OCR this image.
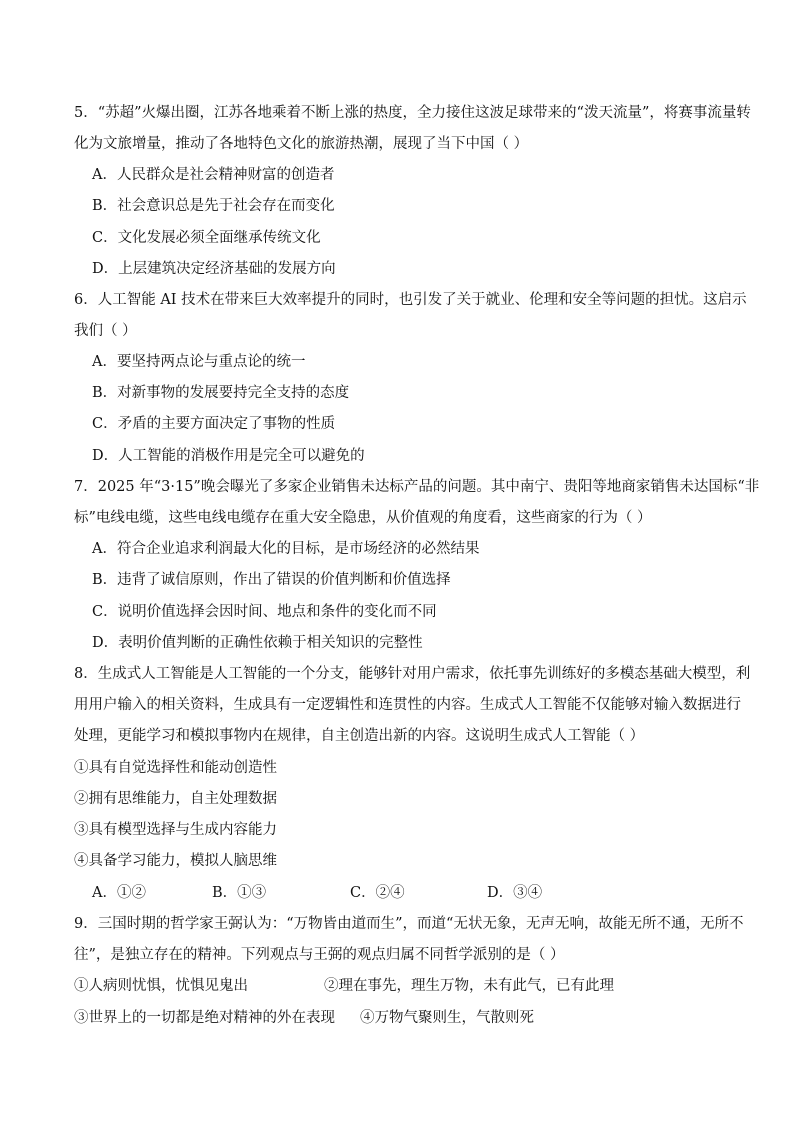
5．“苏超”火爆出圈，江苏各地乘着不断上涨的热度，全力接住这波足球带来的“泼天流量”，将赛事流量转
化为文旅增量，推动了各地特色文化的旅游热潮，展现了当下中国（ ）
A．人民群众是社会精神财富的创造者
B．社会意识总是先于社会存在而变化
C．文化发展必须全面继承传统文化
D．上层建筑决定经济基础的发展方向
6．人工智能 AI 技术在带来巨大效率提升的同时，也引发了关于就业、伦理和安全等问题的担忧。这启示
我们（ ）
A．要坚持两点论与重点论的统一
B．对新事物的发展要持完全支持的态度
C．矛盾的主要方面决定了事物的性质
D．人工智能的消极作用是完全可以避免的
7．2025 年“3·15”晚会曝光了多家企业销售未达标产品的问题。其中南宁、贵阳等地商家销售未达国标“非
标”电线电缆，这些电线电缆存在重大安全隐患，从价值观的角度看，这些商家的行为（ ）
A．符合企业追求利润最大化的目标，是市场经济的必然结果
B．违背了诚信原则，作出了错误的价值判断和价值选择
C．说明价值选择会因时间、地点和条件的变化而不同
D．表明价值判断的正确性依赖于相关知识的完整性
8．生成式人工智能是人工智能的一个分支，能够针对用户需求，依托事先训练好的多模态基础大模型，利
用用户输入的相关资料，生成具有一定逻辑性和连贯性的内容。生成式人工智能不仅能够对输入数据进行
处理，更能学习和模拟事物内在规律，自主创造出新的内容。这说明生成式人工智能（ ）
①具有自觉选择性和能动创造性
②拥有思维能力，自主处理数据
③具有模型选择与生成内容能力
④具备学习能力，模拟人脑思维
A．①②	B．①③	C．②④	D．③④
9．三国时期的哲学家王弼认为：“万物皆由道而生”，而道“无状无象，无声无响，故能无所不通，无所不
往”，是独立存在的精神。下列观点与王弼的观点归属不同哲学派别的是（ ）
①人病则忧惧，忧惧见鬼出	②理在事先，理生万物，未有此气，已有此理
③世界上的一切都是绝对精神的外在表现 ④万物气聚则生，气散则死
